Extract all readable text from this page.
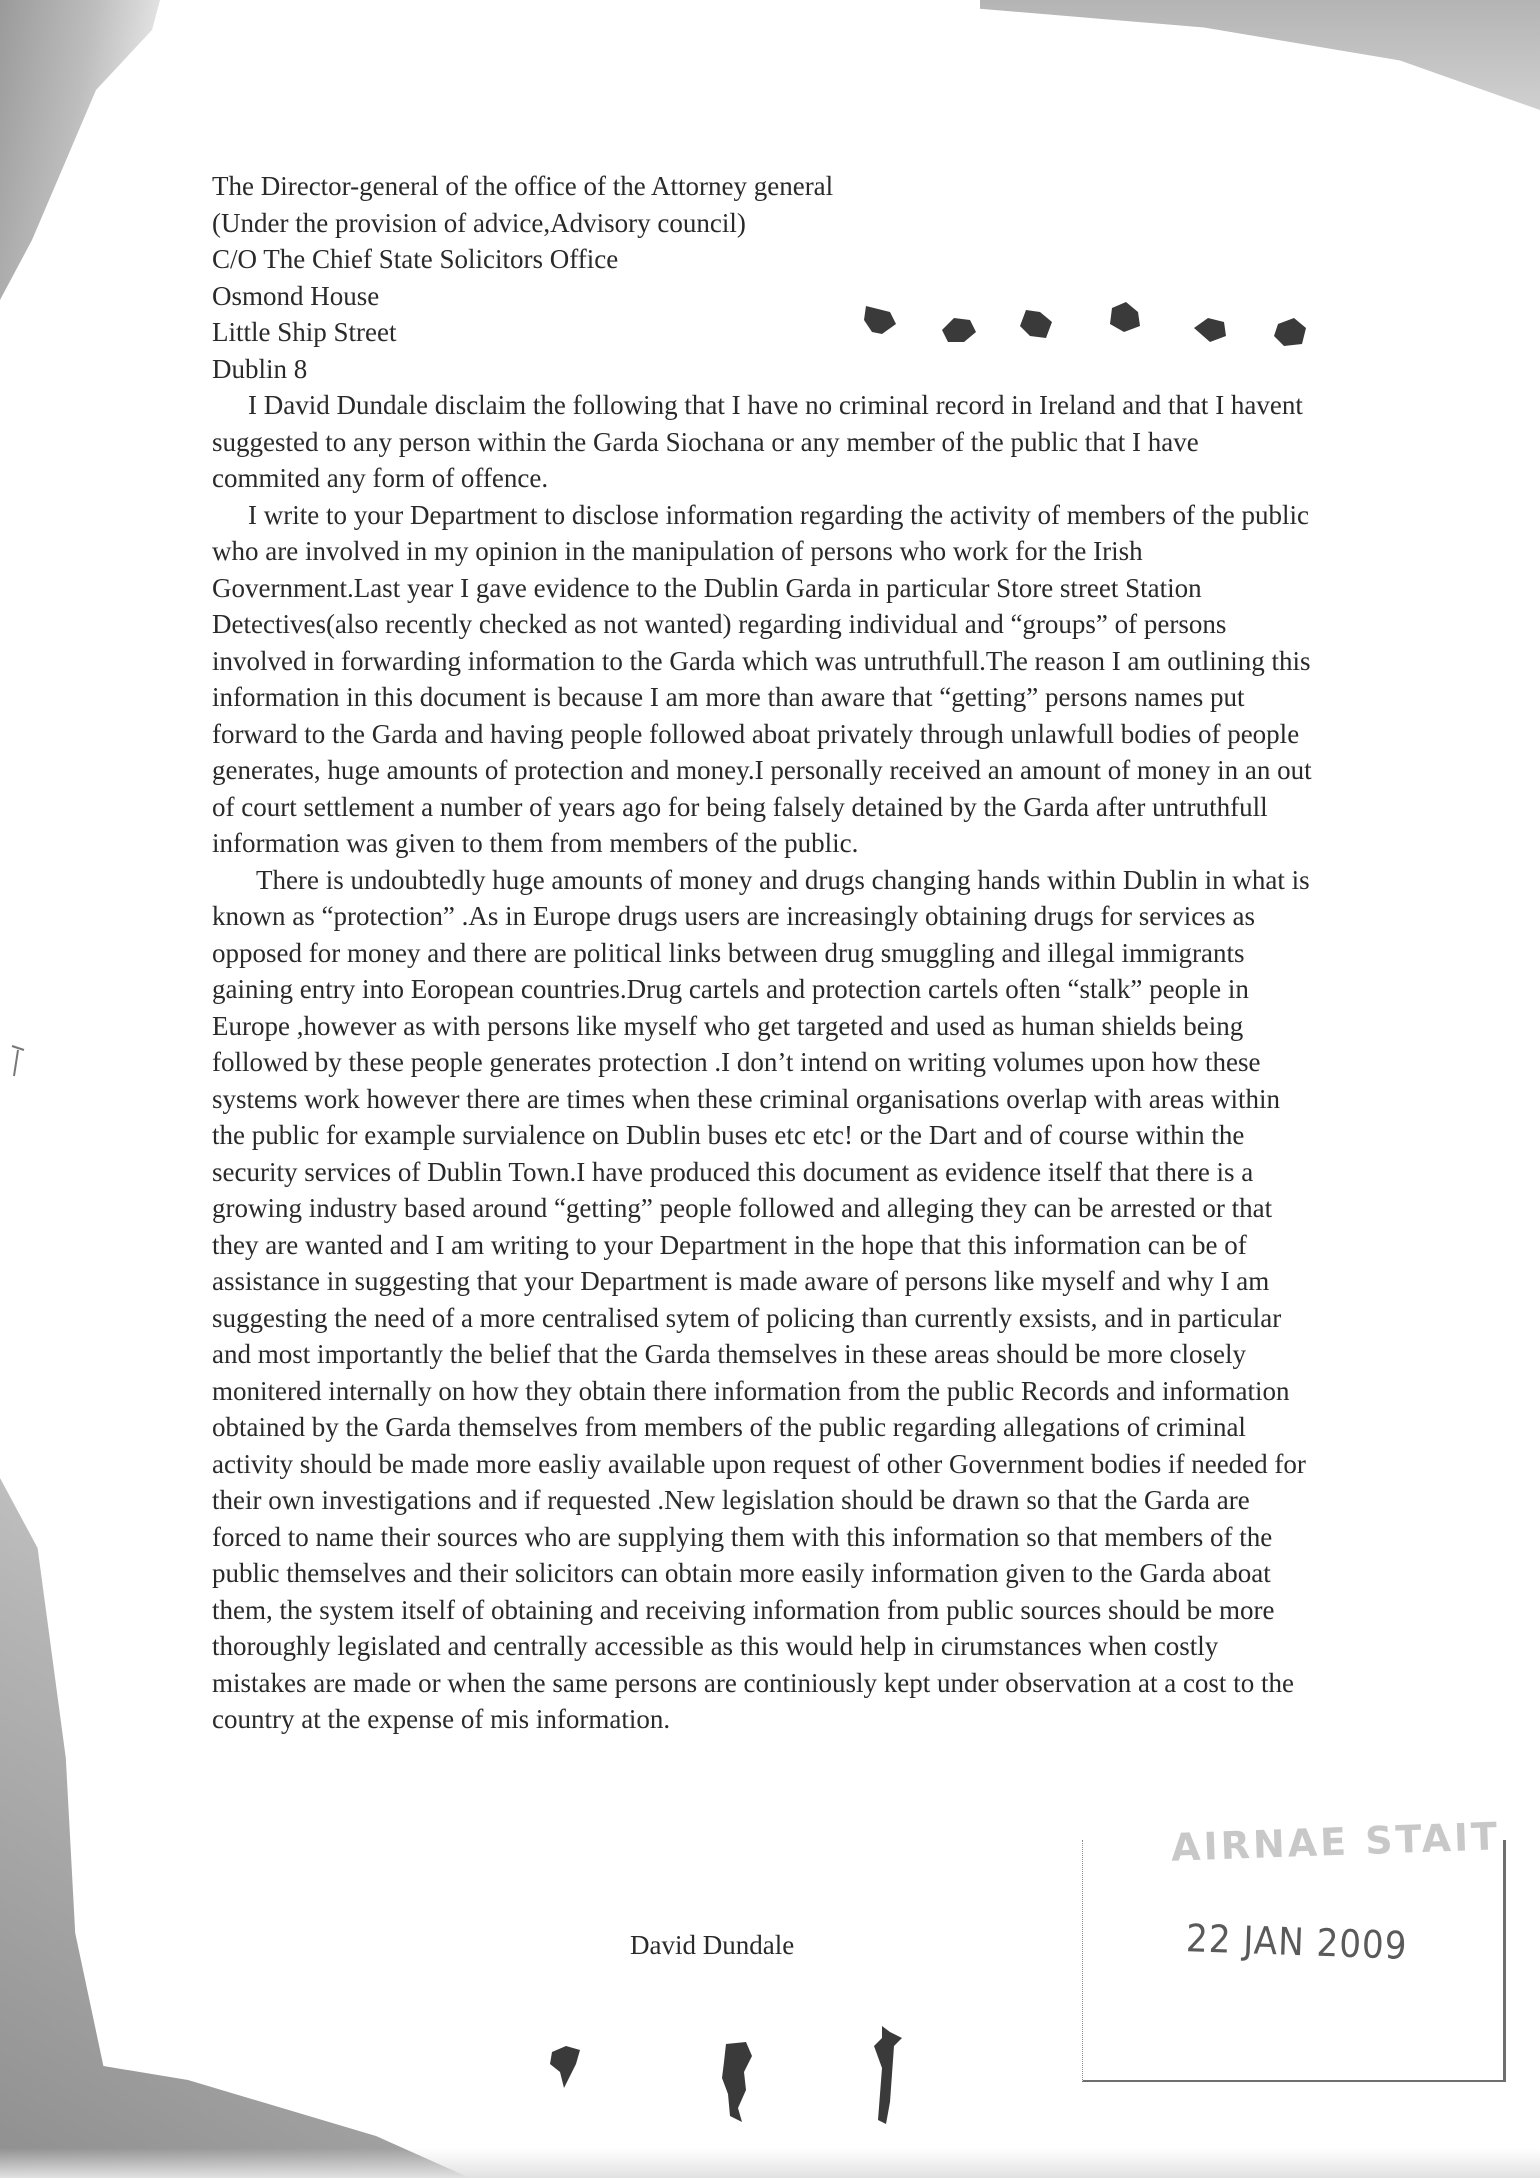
The Director-general of the office of the Attorney general
(Under the provision of advice,Advisory council)
C/O The Chief State Solicitors Office
Osmond House
Little Ship Street
Dublin 8

I David Dundale disclaim the following that I have no criminal record in Ireland and that I havent suggested to any person within the Garda Siochana or any member of the public that I have commited any form of offence.

I write to your Department to disclose information regarding the activity of members of the public who are involved in my opinion in the manipulation of persons who work for the Irish Government.Last year I gave evidence to the Dublin Garda in particular Store street Station Detectives(also recently checked as not wanted) regarding individual and “groups” of persons involved in forwarding information to the Garda which was untruthfull.The reason I am outlining this information in this document is because I am more than aware that “getting” persons names put forward to the Garda and having people followed aboat privately through unlawfull bodies of people generates, huge amounts of protection and money.I personally received an amount of money in an out of court settlement a number of years ago for being falsely detained by the Garda after untruthfull information was given to them from members of the public.

There is undoubtedly huge amounts of money and drugs changing hands within Dublin in what is known as “protection” .As in Europe drugs users are increasingly obtaining drugs for services as opposed for money and there are political links between drug smuggling and illegal immigrants gaining entry into Eoropean countries.Drug cartels and protection cartels often “stalk” people in Europe ,however as with persons like myself who get targeted and used as human shields being followed by these people generates protection .I don’t intend on writing volumes upon how these systems work however there are times when these criminal organisations overlap with areas within the public for example survialence on Dublin buses etc etc! or the Dart and of course within the security services of Dublin Town.I have produced this document as evidence itself that there is a growing industry based around “getting” people followed and alleging they can be arrested or that they are wanted and I am writing to your Department in the hope that this information can be of assistance in suggesting that your Department is made aware of persons like myself and why I am suggesting the need of a more centralised sytem of policing than currently exsists, and in particular and most importantly the belief that the Garda themselves in these areas should be more closely monitered internally on how they obtain there information from the public Records and information obtained by the Garda themselves from members of the public regarding allegations of criminal activity should be made more easliy available upon request of other Government bodies if needed for their own investigations and if requested .New legislation should be drawn so that the Garda are forced to name their sources who are supplying them with this information so that members of the public themselves and their solicitors can obtain more easily information given to the Garda aboat them, the system itself of obtaining and receiving information from public sources should be more thoroughly legislated and centrally accessible as this would help in cirumstances when costly mistakes are made or when the same persons are continiously kept under observation at a cost to the country at the expense of mis information.

David Dundale
AIRNAE STAIT
22 JAN 2009
